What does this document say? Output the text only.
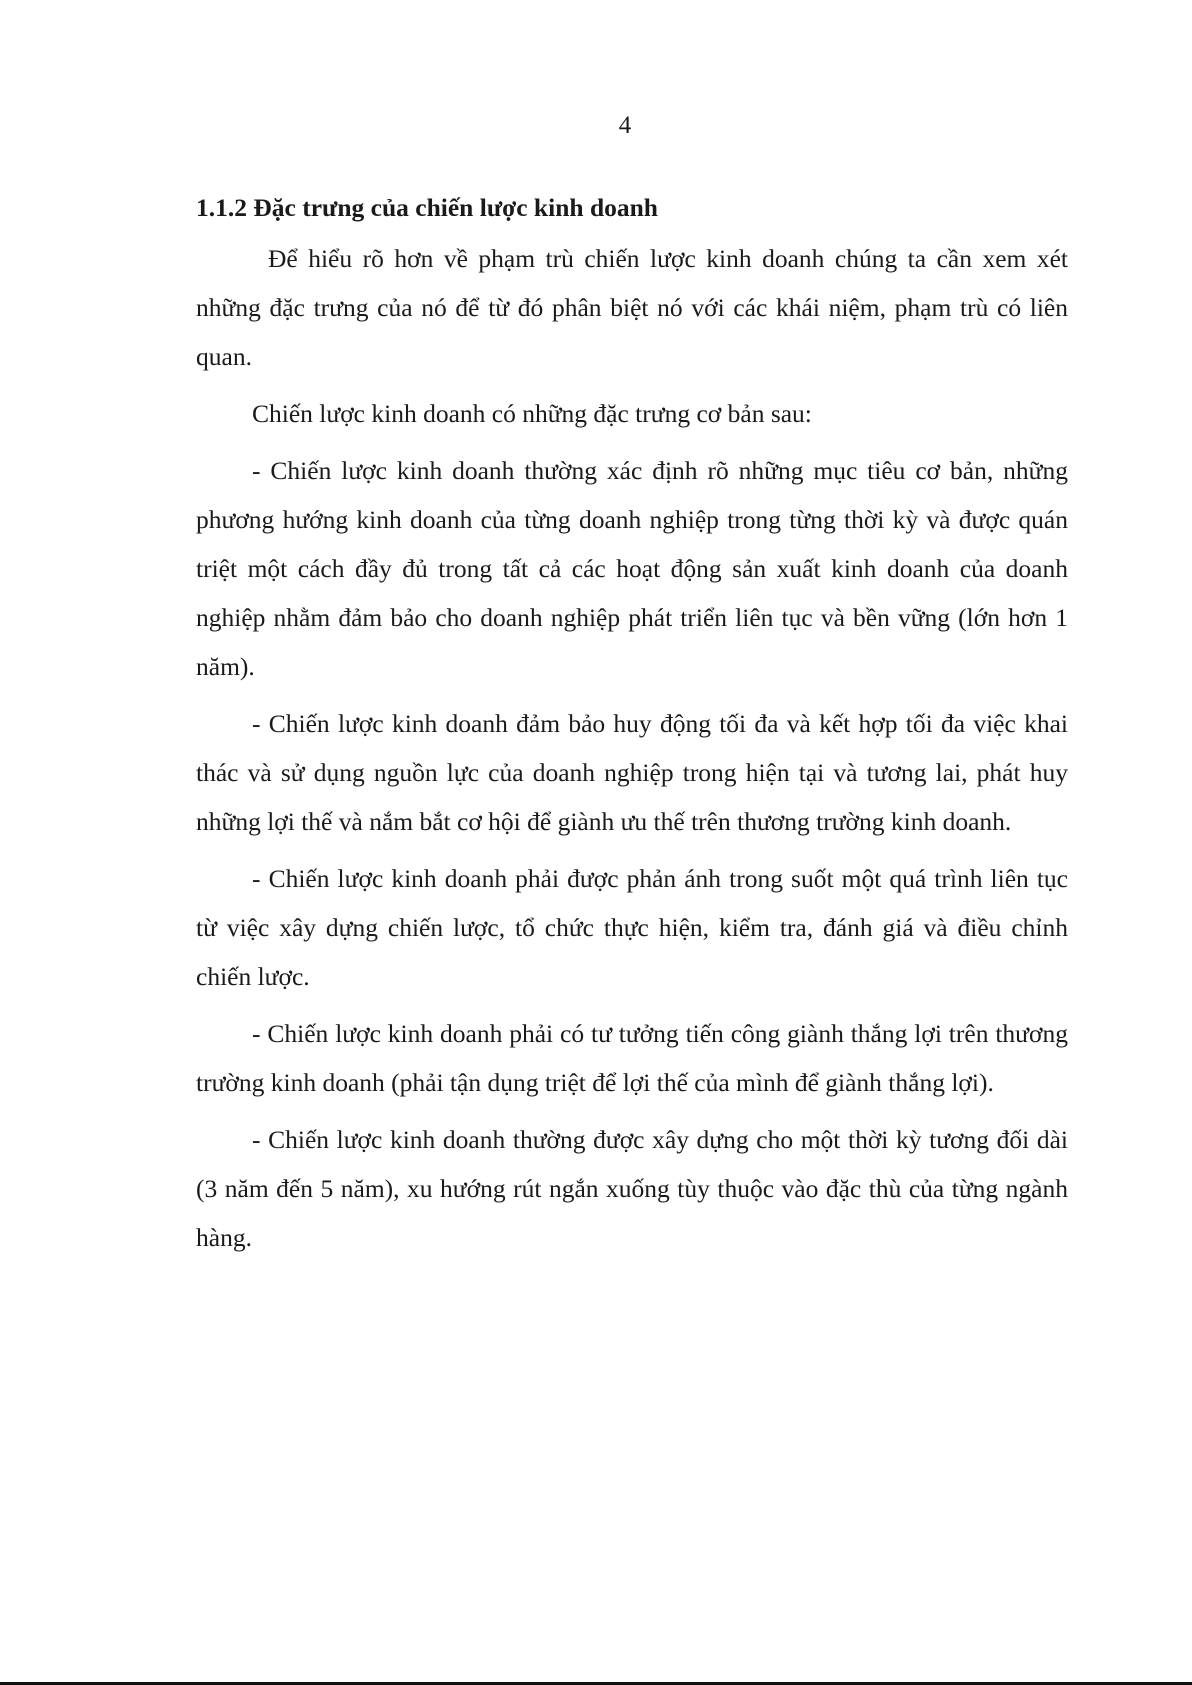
4
1.1.2 Đặc trưng của chiến lược kinh doanh

Để hiểu rõ hơn về phạm trù chiến lược kinh doanh chúng ta cần xem xét những đặc trưng của nó để từ đó phân biệt nó với các khái niệm, phạm trù có liên quan.

Chiến lược kinh doanh có những đặc trưng cơ bản sau:

- Chiến lược kinh doanh thường xác định rõ những mục tiêu cơ bản, những phương hướng kinh doanh của từng doanh nghiệp trong từng thời kỳ và được quán triệt một cách đầy đủ trong tất cả các hoạt động sản xuất kinh doanh của doanh nghiệp nhằm đảm bảo cho doanh nghiệp phát triển liên tục và bền vững (lớn hơn 1 năm).

- Chiến lược kinh doanh đảm bảo huy động tối đa và kết hợp tối đa việc khai thác và sử dụng nguồn lực của doanh nghiệp trong hiện tại và tương lai, phát huy những lợi thế và nắm bắt cơ hội để giành ưu thế trên thương trường kinh doanh.

- Chiến lược kinh doanh phải được phản ánh trong suốt một quá trình liên tục từ việc xây dựng chiến lược, tổ chức thực hiện, kiểm tra, đánh giá và điều chỉnh chiến lược.

- Chiến lược kinh doanh phải có tư tưởng tiến công giành thắng lợi trên thương trường kinh doanh (phải tận dụng triệt để lợi thế của mình để giành thắng lợi).

- Chiến lược kinh doanh thường được xây dựng cho một thời kỳ tương đối dài (3 năm đến 5 năm), xu hướng rút ngắn xuống tùy thuộc vào đặc thù của từng ngành hàng.
